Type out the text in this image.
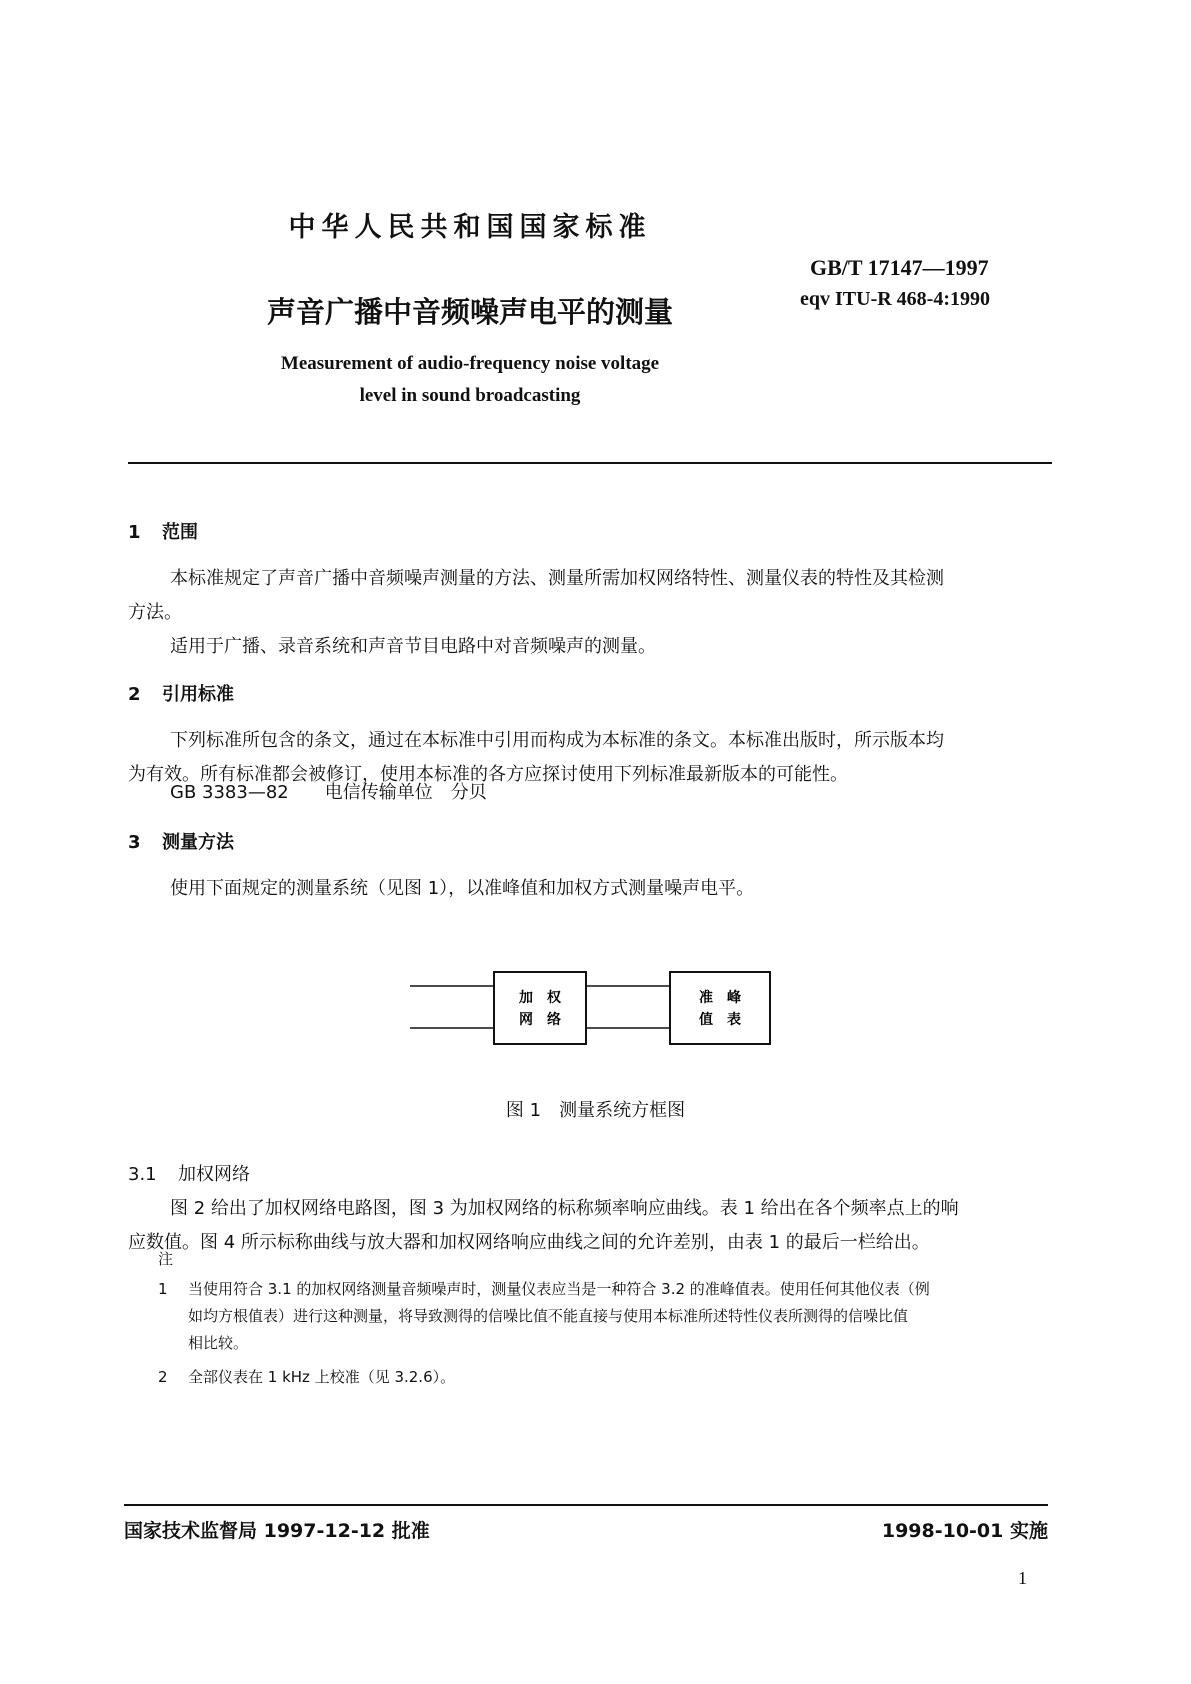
中华人民共和国国家标准
GB/T 17147—1997
eqv ITU-R 468-4:1990
声音广播中音频噪声电平的测量
Measurement of audio-frequency noise voltage
level in sound broadcasting
1 范围
本标准规定了声音广播中音频噪声测量的方法、测量所需加权网络特性、测量仪表的特性及其检测
方法。
适用于广播、录音系统和声音节目电路中对音频噪声的测量。
2 引用标准
下列标准所包含的条文，通过在本标准中引用而构成为本标准的条文。本标准出版时，所示版本均
为有效。所有标准都会被修订，使用本标准的各方应探讨使用下列标准最新版本的可能性。
GB 3383—82　　 电信传输单位　分贝
3 测量方法
使用下面规定的测量系统（见图 1），以准峰值和加权方式测量噪声电平。
加　权
网　络
准　峰
值　表
图 1　测量系统方框图
3.1 加权网络
图 2 给出了加权网络电路图，图 3 为加权网络的标称频率响应曲线。表 1 给出在各个频率点上的响
应数值。图 4 所示标称曲线与放大器和加权网络响应曲线之间的允许差别，由表 1 的最后一栏给出。
注
1 当使用符合 3.1 的加权网络测量音频噪声时，测量仪表应当是一种符合 3.2 的准峰值表。使用任何其他仪表（例
如均方根值表）进行这种测量，将导致测得的信噪比值不能直接与使用本标准所述特性仪表所测得的信噪比值
相比较。
2 全部仪表在 1 kHz 上校准（见 3.2.6）。
国家技术监督局 1997-12-12 批准	1998-10-01 实施
1
